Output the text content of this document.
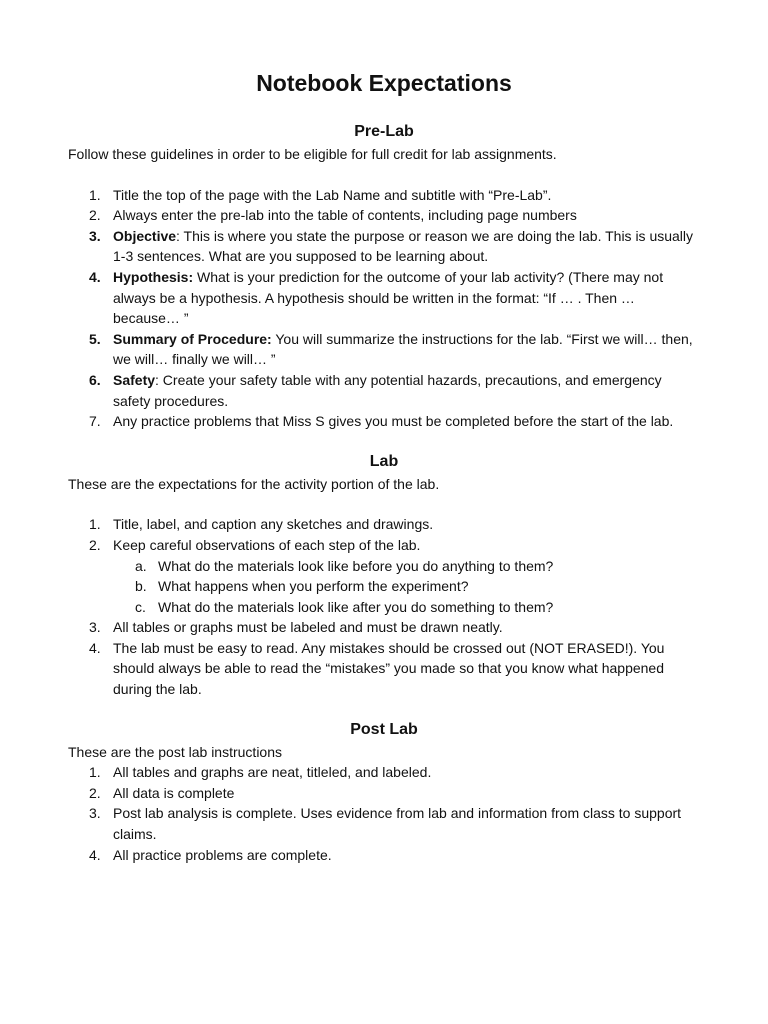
Notebook Expectations
Pre-Lab

Follow these guidelines in order to be eligible for full credit for lab assignments.

1. Title the top of the page with the Lab Name and subtitle with “Pre-Lab”.
2. Always enter the pre-lab into the table of contents, including page numbers
3. Objective: This is where you state the purpose or reason we are doing the lab. This is usually 1-3 sentences. What are you supposed to be learning about.
4. Hypothesis: What is your prediction for the outcome of your lab activity? (There may not always be a hypothesis. A hypothesis should be written in the format: “If … . Then … because… ”
5. Summary of Procedure: You will summarize the instructions for the lab. “First we will… then, we will… finally we will… ”
6. Safety: Create your safety table with any potential hazards, precautions, and emergency safety procedures.
7. Any practice problems that Miss S gives you must be completed before the start of the lab.
Lab

These are the expectations for the activity portion of the lab.

1. Title, label, and caption any sketches and drawings.
2. Keep careful observations of each step of the lab.
a. What do the materials look like before you do anything to them?
b. What happens when you perform the experiment?
c. What do the materials look like after you do something to them?
3. All tables or graphs must be labeled and must be drawn neatly.
4. The lab must be easy to read. Any mistakes should be crossed out (NOT ERASED!). You should always be able to read the “mistakes” you made so that you know what happened during the lab.
Post Lab

These are the post lab instructions

1. All tables and graphs are neat, titleled, and labeled.
2. All data is complete
3. Post lab analysis is complete. Uses evidence from lab and information from class to support claims.
4. All practice problems are complete.
